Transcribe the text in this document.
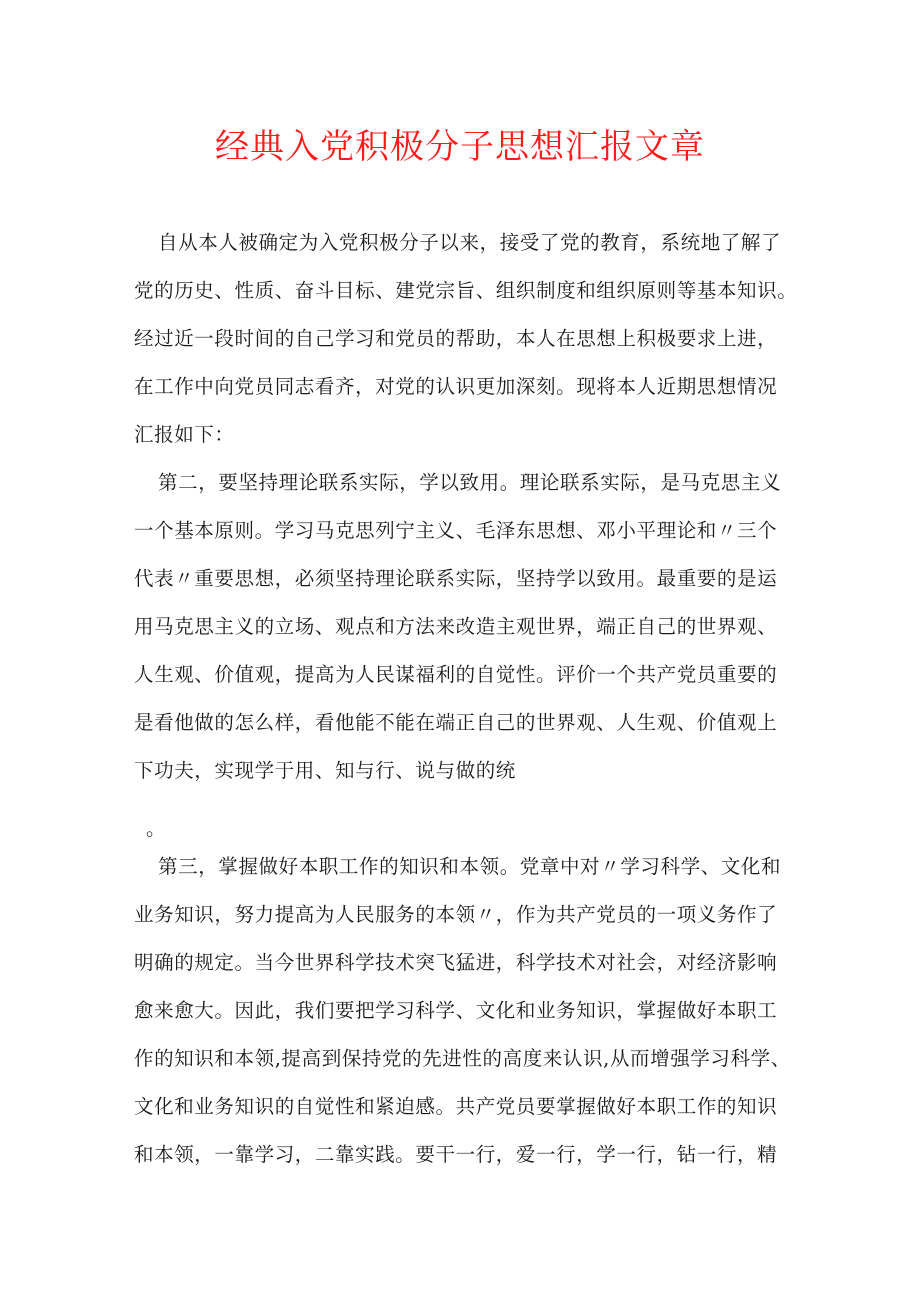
经典入党积极分子思想汇报文章
自从本人被确定为入党积极分子以来，接受了党的教育，系统地了解了
党的历史、性质、奋斗目标、建党宗旨、组织制度和组织原则等基本知识。
经过近一段时间的自己学习和党员的帮助，本人在思想上积极要求上进，
在工作中向党员同志看齐，对党的认识更加深刻。现将本人近期思想情况
汇报如下：
第二，要坚持理论联系实际，学以致用。理论联系实际，是马克思主义
一个基本原则。学习马克思列宁主义、毛泽东思想、邓小平理论和〃三个
代表〃重要思想，必须坚持理论联系实际，坚持学以致用。最重要的是运
用马克思主义的立场、观点和方法来改造主观世界，端正自己的世界观、
人生观、价值观，提高为人民谋福利的自觉性。评价一个共产党员重要的
是看他做的怎么样，看他能不能在端正自己的世界观、人生观、价值观上
下功夫，实现学于用、知与行、说与做的统
。
第三，掌握做好本职工作的知识和本领。党章中对〃学习科学、文化和
业务知识，努力提高为人民服务的本领〃，作为共产党员的一项义务作了
明确的规定。当今世界科学技术突飞猛进，科学技术对社会，对经济影响
愈来愈大。因此，我们要把学习科学、文化和业务知识，掌握做好本职工
作的知识和本领,提高到保持党的先进性的高度来认识,从而增强学习科学、
文化和业务知识的自觉性和紧迫感。共产党员要掌握做好本职工作的知识
和本领，一靠学习，二靠实践。要干一行，爱一行，学一行，钻一行，精
